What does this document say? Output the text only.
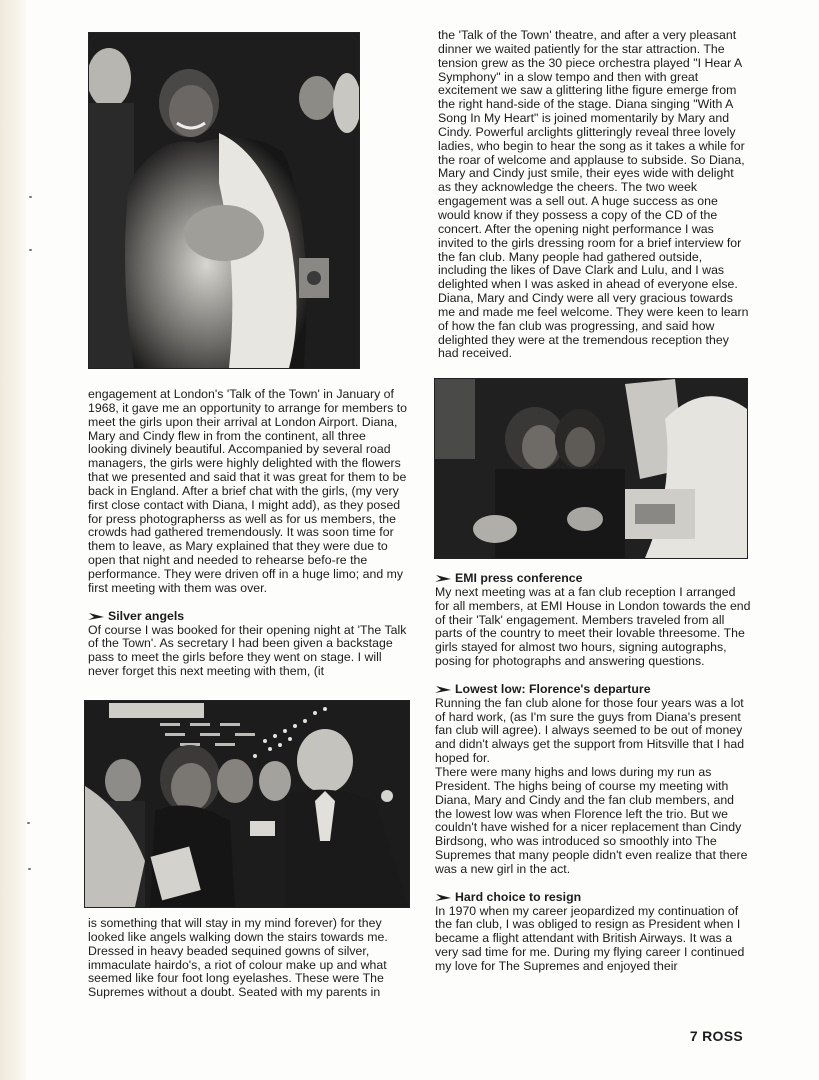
the 'Talk of the Town' theatre, and after a very pleasant dinner we waited patiently for the star attraction. The tension grew as the 30 piece orchestra played "I Hear A Symphony" in a slow tempo and then with great excitement we saw a glittering lithe figure emerge from the right hand-side of the stage. Diana singing "With A Song In My Heart" is joined momentarily by Mary and Cindy. Powerful arclights glitteringly reveal three lovely ladies, who begin to hear the song as it takes a while for the roar of welcome and applause to subside. So Diana, Mary and Cindy just smile, their eyes wide with delight as they acknowledge the cheers. The two week engagement was a sell out. A huge success as one would know if they possess a copy of the CD of the concert. After the opening night performance I was invited to the girls dressing room for a brief interview for the fan club. Many people had gathered outside, including the likes of Dave Clark and Lulu, and I was delighted when I was asked in ahead of everyone else. Diana, Mary and Cindy were all very gracious towards me and made me feel welcome. They were keen to learn of how the fan club was progressing, and said how delighted they were at the tremendous reception they had received.

engagement at London's 'Talk of the Town' in January of 1968, it gave me an opportunity to arrange for members to meet the girls upon their arrival at London Airport. Diana, Mary and Cindy flew in from the continent, all three looking divinely beautiful. Accompanied by several road managers, the girls were highly delighted with the flowers that we presented and said that it was great for them to be back in England. After a brief chat with the girls, (my very first close contact with Diana, I might add), as they posed for press photographerss as well as for us members, the crowds had gathered tremendously. It was soon time for them to leave, as Mary explained that they were due to open that night and needed to rehearse befo-re the performance. They were driven off in a huge limo; and my first meeting with them was over.

Silver angels

Of course I was booked for their opening night at 'The Talk of the Town'. As secretary I had been given a backstage pass to meet the girls before they went on stage. I will never forget this next meeting with them, (it

is something that will stay in my mind forever) for they looked like angels walking down the stairs towards me. Dressed in heavy beaded sequined gowns of silver, immaculate hairdo's, a riot of colour make up and what seemed like four foot long eyelashes. These were The Supremes without a doubt. Seated with my parents in

EMI press conference

My next meeting was at a fan club reception I arranged for all members, at EMI House in London towards the end of their 'Talk' engagement. Members traveled from all parts of the country to meet their lovable threesome. The girls stayed for almost two hours, signing autographs, posing for photographs and answering questions.

Lowest low: Florence's departure

Running the fan club alone for those four years was a lot of hard work, (as I'm sure the guys from Diana's present fan club will agree). I always seemed to be out of money and didn't always get the support from Hitsville that I had hoped for.

There were many highs and lows during my run as President. The highs being of course my meeting with Diana, Mary and Cindy and the fan club members, and the lowest low was when Florence left the trio. But we couldn't have wished for a nicer replacement than Cindy Birdsong, who was introduced so smoothly into The Supremes that many people didn't even realize that there was a new girl in the act.

Hard choice to resign

In 1970 when my career jeopardized my continuation of the fan club, I was obliged to resign as President when I became a flight attendant with British Airways. It was a very sad time for me. During my flying career I continued my love for The Supremes and enjoyed their

7 ROSS
